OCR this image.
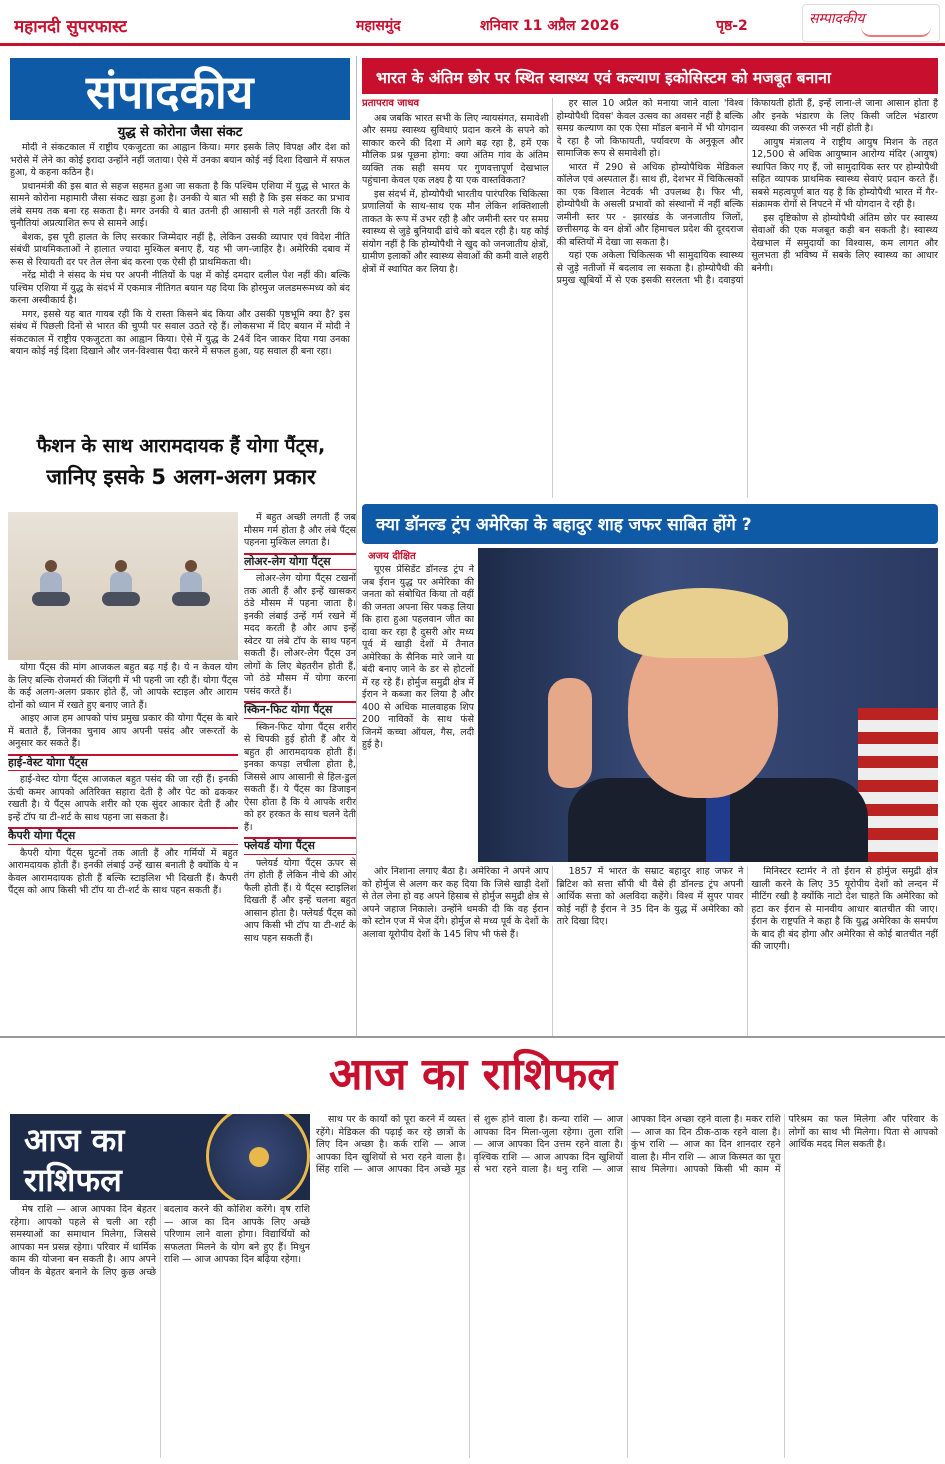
महानदी सुपरफास्ट	महासमुंद	शनिवार 11 अप्रैल 2026	पृष्ठ-2	सम्पादकीय
संपादकीय
युद्ध से कोरोना जैसा संकट

मोदी ने संकटकाल में राष्ट्रीय एकजुटता का आह्वान किया। मगर इसके लिए विपक्ष और देश को भरोसे में लेने का कोई इरादा उन्होंने नहीं जताया। ऐसे में उनका बयान कोई नई दिशा दिखाने में सफल हुआ, ये कहना कठिन है।

प्रधानमंत्री की इस बात से सहज सहमत हुआ जा सकता है कि पश्चिम एशिया में युद्ध से भारत के सामने कोरोना महामारी जैसा संकट खड़ा हुआ है। उनकी ये बात भी सही है कि इस संकट का प्रभाव लंबे समय तक बना रह सकता है। मगर उनकी ये बात उतनी ही आसानी से गले नहीं उतरती कि ये चुनौतियां अप्रत्याशित रूप से सामने आई।

बेशक, इस पूरी हालत के लिए सरकार जिम्मेदार नहीं है, लेकिन उसकी व्यापार एवं विदेश नीति संबंधी प्राथमिकताओं ने हालात ज्यादा मुश्किल बनाए हैं, यह भी जग-जाहिर है। अमेरिकी दबाव में रूस से रियायती दर पर तेल लेना बंद करना एक ऐसी ही प्राथमिकता थी।

नरेंद्र मोदी ने संसद के मंच पर अपनी नीतियों के पक्ष में कोई दमदार दलील पेश नहीं की। बल्कि पश्चिम एशिया में युद्ध के संदर्भ में एकमात्र नीतिगत बयान यह दिया कि होरमुज जलडमरूमध्य को बंद करना अस्वीकार्य है।

मगर, इससे यह बात गायब रही कि ये रास्ता किसने बंद किया और उसकी पृष्ठभूमि क्या है? इस संबंध में पिछली दिनों से भारत की चुप्पी पर सवाल उठते रहे हैं। लोकसभा में दिए बयान में मोदी ने संकटकाल में राष्ट्रीय एकजुटता का आह्वान किया। ऐसे में युद्ध के 24वें दिन जाकर दिया गया उनका बयान कोई नई दिशा दिखाने और जन-विश्वास पैदा करने में सफल हुआ, यह सवाल ही बना रहा।

फैशन के साथ आरामदायक हैं योगा पैंट्स,
जानिए इसके 5 अलग-अलग प्रकार

योगा पैंट्स की मांग आजकल बहुत बढ़ गई है। ये न केवल योग के लिए बल्कि रोजमर्रा की जिंदगी में भी पहनी जा रही हैं। योगा पैंट्स के कई अलग-अलग प्रकार होते हैं, जो आपके स्टाइल और आराम दोनों को ध्यान में रखते हुए बनाए जाते हैं।

आइए आज हम आपको पांच प्रमुख प्रकार की योगा पैंट्स के बारे में बताते हैं, जिनका चुनाव आप अपनी पसंद और जरूरतों के अनुसार कर सकते हैं।

हाई-वेस्ट योगा पैंट्स

हाई-वेस्ट योगा पैंट्स आजकल बहुत पसंद की जा रही हैं। इनकी ऊंची कमर आपको अतिरिक्त सहारा देती है और पेट को ढककर रखती है। ये पैंट्स आपके शरीर को एक सुंदर आकार देती हैं और इन्हें टॉप या टी-शर्ट के साथ पहना जा सकता है।

कैपरी योगा पैंट्स

कैपरी योगा पैंट्स घुटनों तक आती हैं और गर्मियों में बहुत आरामदायक होती हैं। इनकी लंबाई उन्हें खास बनाती है क्योंकि ये न केवल आरामदायक होती हैं बल्कि स्टाइलिश भी दिखती हैं। कैपरी पैंट्स को आप किसी भी टॉप या टी-शर्ट के साथ पहन सकती हैं।

में बहुत अच्छी लगती हैं जब मौसम गर्म होता है और लंबे पैंट्स पहनना मुश्किल लगता है।

लोअर-लेग योगा पैंट्स

लोअर-लेग योगा पैंट्स टखनों तक आती हैं और इन्हें खासकर ठंडे मौसम में पहना जाता है। इनकी लंबाई उन्हें गर्म रखने में मदद करती है और आप इन्हें स्वेटर या लंबे टॉप के साथ पहन सकती हैं। लोअर-लेग पैंट्स उन लोगों के लिए बेहतरीन होती हैं, जो ठंडे मौसम में योगा करना पसंद करते हैं।

स्किन-फिट योगा पैंट्स

स्किन-फिट योगा पैंट्स शरीर से चिपकी हुई होती हैं और ये बहुत ही आरामदायक होती हैं। इनका कपड़ा लचीला होता है, जिससे आप आसानी से हिल-डुल सकती हैं। ये पैंट्स का डिजाइन ऐसा होता है कि ये आपके शरीर को हर हरकत के साथ चलने देती हैं।

फ्लेयर्ड योगा पैंट्स

फ्लेयर्ड योगा पैंट्स ऊपर से तंग होती हैं लेकिन नीचे की ओर फैली होती हैं। ये पैंट्स स्टाइलिश दिखती हैं और इन्हें चलना बहुत आसान होता है। फ्लेयर्ड पैंट्स को आप किसी भी टॉप या टी-शर्ट के साथ पहन सकती हैं।

भारत के अंतिम छोर पर स्थित स्वास्थ्य एवं कल्याण इकोसिस्टम को मजबूत बनाना
प्रतापराव जाधव

अब जबकि भारत सभी के लिए न्यायसंगत, समावेशी और समग्र स्वास्थ्य सुविधाएं प्रदान करने के सपने को साकार करने की दिशा में आगे बढ़ रहा है, हमें एक मौलिक प्रश्न पूछना होगा: क्या अंतिम गांव के अंतिम व्यक्ति तक सही समय पर गुणवत्तापूर्ण देखभाल पहुंचाना केवल एक लक्ष्य है या एक वास्तविकता?

इस संदर्भ में, होम्योपैथी भारतीय पारंपरिक चिकित्सा प्रणालियों के साथ-साथ एक मौन लेकिन शक्तिशाली ताकत के रूप में उभर रही है और जमीनी स्तर पर समग्र स्वास्थ्य से जुड़े बुनियादी ढांचे को बदल रही है। यह कोई संयोग नहीं है कि होम्योपैथी ने खुद को जनजातीय क्षेत्रों, ग्रामीण इलाकों और स्वास्थ्य सेवाओं की कमी वाले शहरी क्षेत्रों में स्थापित कर लिया है।

हर साल 10 अप्रैल को मनाया जाने वाला 'विश्व होम्योपैथी दिवस' केवल उत्सव का अवसर नहीं है बल्कि समग्र कल्याण का एक ऐसा मॉडल बनाने में भी योगदान दे रहा है जो किफायती, पर्यावरण के अनुकूल और सामाजिक रूप से समावेशी हो।

भारत में 290 से अधिक होम्योपैथिक मेडिकल कॉलेज एवं अस्पताल हैं। साथ ही, देशभर में चिकित्सकों का एक विशाल नेटवर्क भी उपलब्ध है। फिर भी, होम्योपैथी के असली प्रभावों को संस्थानों में नहीं बल्कि जमीनी स्तर पर - झारखंड के जनजातीय जिलों, छत्तीसगढ़ के वन क्षेत्रों और हिमाचल प्रदेश की दूरदराज की बस्तियों में देखा जा सकता है।

यहां एक अकेला चिकित्सक भी सामुदायिक स्वास्थ्य से जुड़े नतीजों में बदलाव ला सकता है। होम्योपैथी की प्रमुख खूबियों में से एक इसकी सरलता भी है। दवाइयां किफायती होती हैं, इन्हें लाना-ले जाना आसान होता है और इनके भंडारण के लिए किसी जटिल भंडारण व्यवस्था की जरूरत भी नहीं होती है।

आयुष मंत्रालय ने राष्ट्रीय आयुष मिशन के तहत 12,500 से अधिक आयुष्मान आरोग्य मंदिर (आयुष) स्थापित किए गए हैं, जो सामुदायिक स्तर पर होम्योपैथी सहित व्यापक प्राथमिक स्वास्थ्य सेवाएं प्रदान करते हैं। सबसे महत्वपूर्ण बात यह है कि होम्योपैथी भारत में गैर-संक्रामक रोगों से निपटने में भी योगदान दे रही है।

इस दृष्टिकोण से होम्योपैथी अंतिम छोर पर स्वास्थ्य सेवाओं की एक मजबूत कड़ी बन सकती है। स्वास्थ्य देखभाल में समुदायों का विश्वास, कम लागत और सुलभता ही भविष्य में सबके लिए स्वास्थ्य का आधार बनेगी।

क्या डॉनल्ड ट्रंप अमेरिका के बहादुर शाह जफर साबित होंगे ?
अजय दीक्षित

यूएस प्रेसिडेंट डॉनल्ड ट्रंप ने जब ईरान युद्ध पर अमेरिका की जनता को संबोधित किया तो वहीं की जनता अपना सिर पकड़ लिया कि हारा हुआ पहलवान जीत का दावा कर रहा है दुसरी ओर मध्य पूर्व में खाड़ी देशों में तैनात अमेरिका के सैनिक मारे जाने या बंदी बनाए जाने के डर से होटलों में रह रहे हैं। होर्मुज समुद्री क्षेत्र में ईरान ने कब्जा कर लिया है और 400 से अधिक मालवाहक शिप 200 नाविकों के साथ फंसे जिनमें कच्चा ऑयल, गैस, लदी हुई है।

ओर निशाना लगाए बैठा है। अमेरिका ने अपने आप को होर्मुज से अलग कर कह दिया कि जिसे खाड़ी देशों से तेल लेना हो वह अपने हिसाब से होर्मुज समुद्री क्षेत्र से अपने जहाज निकाले। उन्होंने धमकी दी कि वह ईरान को स्टोन एज में भेज देंगे। होर्मुज से मध्य पूर्व के देशों के अलावा यूरोपीय देशों के 145 शिप भी फंसे हैं।

1857 में भारत के सम्राट बहादुर शाह जफर ने ब्रिटिश को सत्ता सौंपी थी वैसे ही डॉनल्ड ट्रंप अपनी आर्थिक सत्ता को अलविदा कहेंगे। विश्व में सुपर पावर कोई नहीं है ईरान ने 35 दिन के युद्ध में अमेरिका को तारे दिखा दिए।

मिनिस्टर स्टार्मर ने तो ईरान से होर्मुज समुद्री क्षेत्र खाली करने के लिए 35 यूरोपीय देशों को लन्दन में मीटिंग रखी है क्योंकि नाटो देश चाहते कि अमेरिका को हटा कर ईरान से मानवीय आधार बातचीत की जाए। ईरान के राष्ट्रपति ने कहा है कि युद्ध अमेरिका के समर्पण के बाद ही बंद होगा और अमेरिका से कोई बातचीत नहीं की जाएगी।

आज का राशिफल
आज का
राशिफल

मेष राशि — आज आपका दिन बेहतर रहेगा। आपको पहले से चली आ रही समस्याओं का समाधान मिलेगा, जिससे आपका मन प्रसन्न रहेगा। परिवार में धार्मिक काम की योजना बन सकती है। आप अपने जीवन के बेहतर बनाने के लिए कुछ अच्छे बदलाव करने की कोशिश करेंगे। वृष राशि — आज का दिन आपके लिए अच्छे परिणाम लाने वाला होगा। विद्यार्थियों को सफलता मिलने के योग बने हुए हैं। मिथुन राशि — आज आपका दिन बढ़िया रहेगा।

साथ पर के कार्यों को पूरा करने में व्यस्त रहेंगे। मेडिकल की पढ़ाई कर रहे छात्रों के लिए दिन अच्छा है। कर्क राशि — आज आपका दिन खुशियों से भरा रहने वाला है। सिंह राशि — आज आपका दिन अच्छे मूड से शुरू होने वाला है। कन्या राशि — आज आपका दिन मिला-जुला रहेगा। तुला राशि — आज आपका दिन उत्तम रहने वाला है। वृश्चिक राशि — आज आपका दिन खुशियों से भरा रहने वाला है। धनु राशि — आज आपका दिन अच्छा रहने वाला है। मकर राशि — आज का दिन ठीक-ठाक रहने वाला है। कुंभ राशि — आज का दिन शानदार रहने वाला है। मीन राशि — आज किस्मत का पूरा साथ मिलेगा। आपको किसी भी काम में परिश्रम का फल मिलेगा और परिवार के लोगों का साथ भी मिलेगा। पिता से आपको आर्थिक मदद मिल सकती है।
